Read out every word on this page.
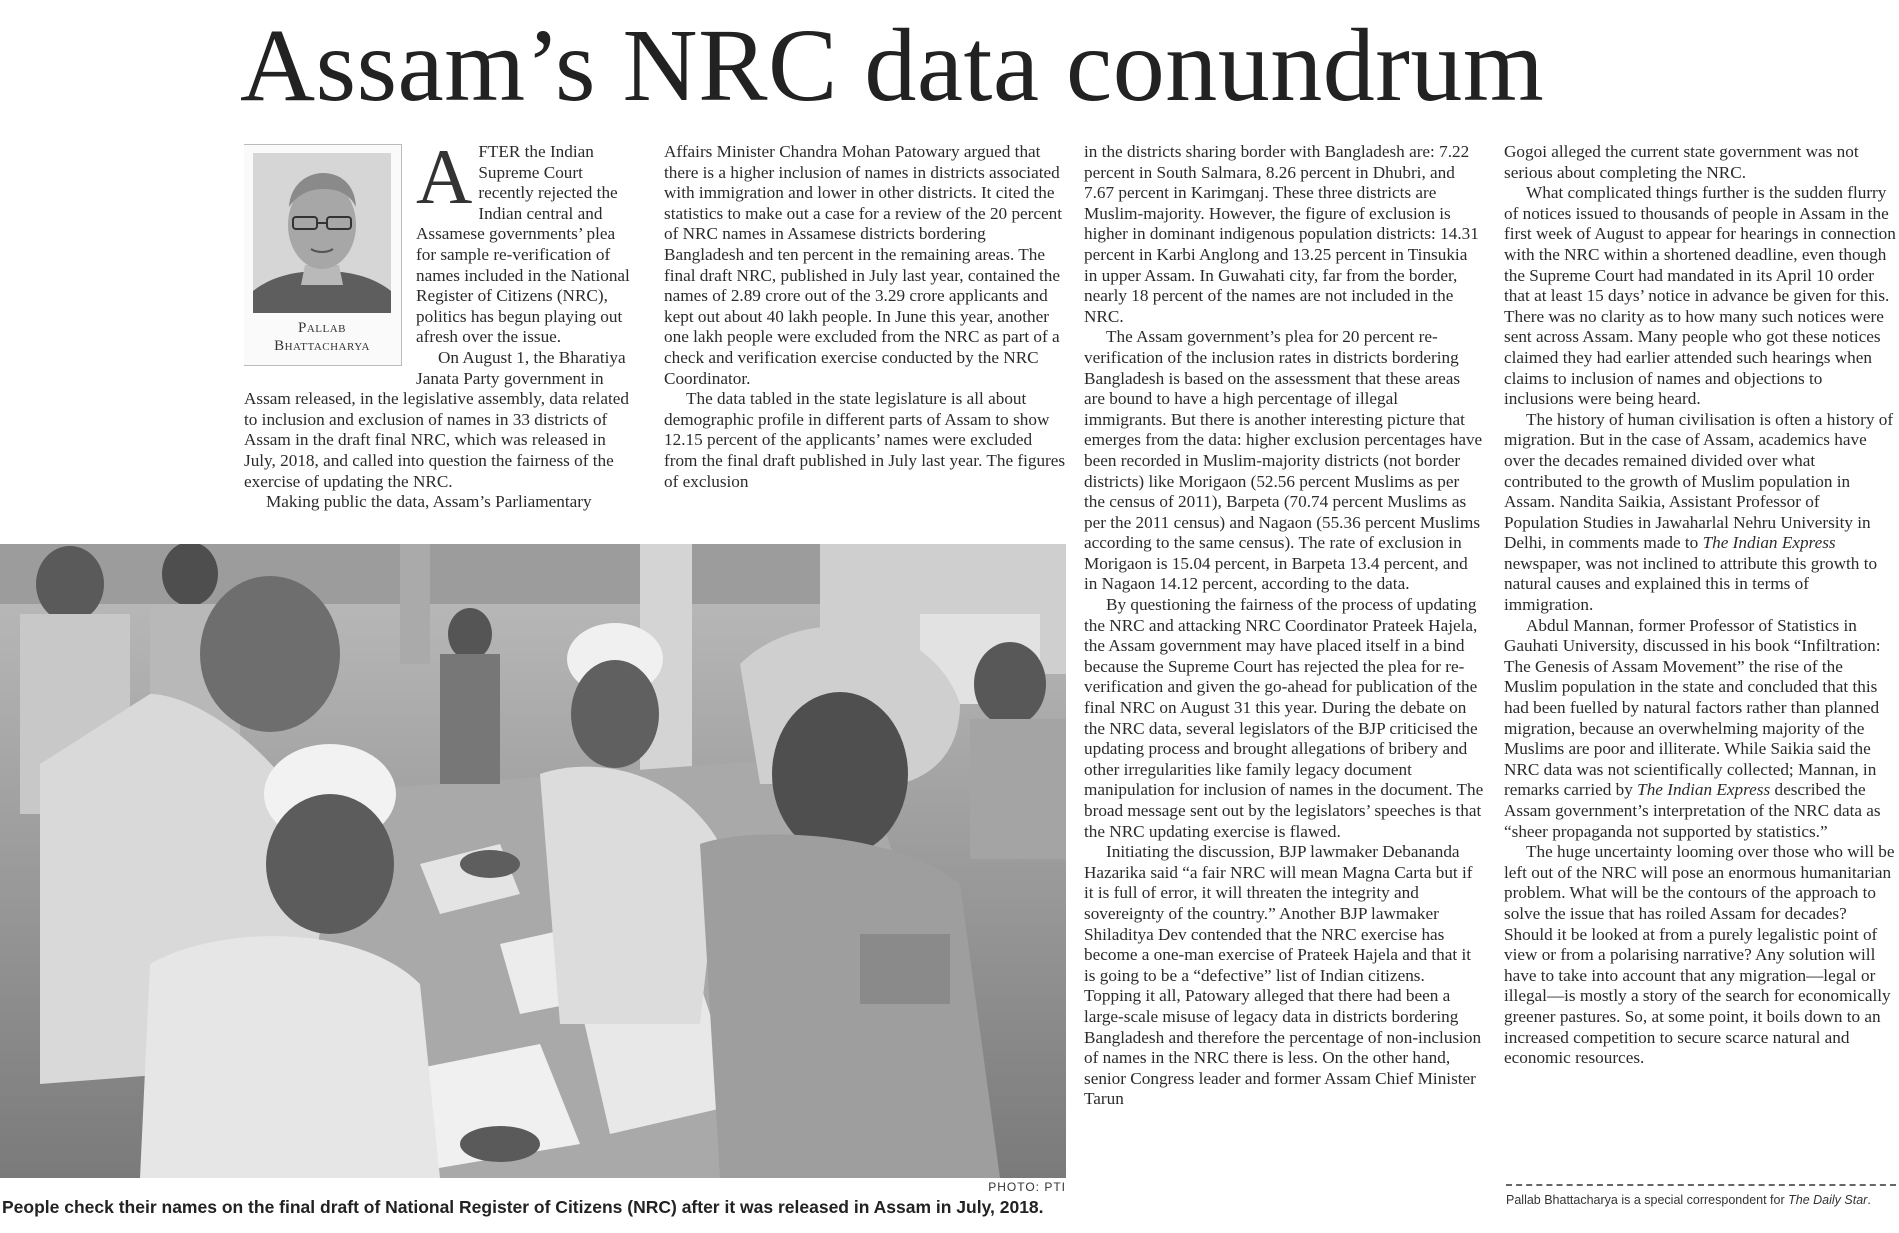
Assam’s NRC data conundrum
Pallab
Bhattacharya

AFTER the Indian Supreme Court recently rejected the Indian central and Assamese governments’ plea for sample re-verification of names included in the National Register of Citizens (NRC), politics has begun playing out afresh over the issue.

On August 1, the Bharatiya Janata Party government in Assam released, in the legislative assembly, data related to inclusion and exclusion of names in 33 districts of Assam in the draft final NRC, which was released in July, 2018, and called into question the fairness of the exercise of updating the NRC.

Making public the data, Assam’s Parliamentary

Affairs Minister Chandra Mohan Patowary argued that there is a higher inclusion of names in districts associated with immigration and lower in other districts. It cited the statistics to make out a case for a review of the 20 percent of NRC names in Assamese districts bordering Bangladesh and ten percent in the remaining areas. The final draft NRC, published in July last year, contained the names of 2.89 crore out of the 3.29 crore applicants and kept out about 40 lakh people. In June this year, another one lakh people were excluded from the NRC as part of a check and verification exercise conducted by the NRC Coordinator.

The data tabled in the state legislature is all about demographic profile in different parts of Assam to show 12.15 percent of the applicants’ names were excluded from the final draft published in July last year. The figures of exclusion

in the districts sharing border with Bangladesh are: 7.22 percent in South Salmara, 8.26 percent in Dhubri, and 7.67 percent in Karimganj. These three districts are Muslim-majority. However, the figure of exclusion is higher in dominant indigenous population districts: 14.31 percent in Karbi Anglong and 13.25 percent in Tinsukia in upper Assam. In Guwahati city, far from the border, nearly 18 percent of the names are not included in the NRC.

The Assam government’s plea for 20 percent re-verification of the inclusion rates in districts bordering Bangladesh is based on the assessment that these areas are bound to have a high percentage of illegal immigrants. But there is another interesting picture that emerges from the data: higher exclusion percentages have been recorded in Muslim-majority districts (not border districts) like Morigaon (52.56 percent Muslims as per the census of 2011), Barpeta (70.74 percent Muslims as per the 2011 census) and Nagaon (55.36 percent Muslims according to the same census). The rate of exclusion in Morigaon is 15.04 percent, in Barpeta 13.4 percent, and in Nagaon 14.12 percent, according to the data.

By questioning the fairness of the process of updating the NRC and attacking NRC Coordinator Prateek Hajela, the Assam government may have placed itself in a bind because the Supreme Court has rejected the plea for re-verification and given the go-ahead for publication of the final NRC on August 31 this year. During the debate on the NRC data, several legislators of the BJP criticised the updating process and brought allegations of bribery and other irregularities like family legacy document manipulation for inclusion of names in the document. The broad message sent out by the legislators’ speeches is that the NRC updating exercise is flawed.

Initiating the discussion, BJP lawmaker Debananda Hazarika said “a fair NRC will mean Magna Carta but if it is full of error, it will threaten the integrity and sovereignty of the country.” Another BJP lawmaker Shiladitya Dev contended that the NRC exercise has become a one-man exercise of Prateek Hajela and that it is going to be a “defective” list of Indian citizens. Topping it all, Patowary alleged that there had been a large-scale misuse of legacy data in districts bordering Bangladesh and therefore the percentage of non-inclusion of names in the NRC there is less. On the other hand, senior Congress leader and former Assam Chief Minister Tarun

Gogoi alleged the current state government was not serious about completing the NRC.

What complicated things further is the sudden flurry of notices issued to thousands of people in Assam in the first week of August to appear for hearings in connection with the NRC within a shortened deadline, even though the Supreme Court had mandated in its April 10 order that at least 15 days’ notice in advance be given for this. There was no clarity as to how many such notices were sent across Assam. Many people who got these notices claimed they had earlier attended such hearings when claims to inclusion of names and objections to inclusions were being heard.

The history of human civilisation is often a history of migration. But in the case of Assam, academics have over the decades remained divided over what contributed to the growth of Muslim population in Assam. Nandita Saikia, Assistant Professor of Population Studies in Jawaharlal Nehru University in Delhi, in comments made to The Indian Express newspaper, was not inclined to attribute this growth to natural causes and explained this in terms of immigration.

Abdul Mannan, former Professor of Statistics in Gauhati University, discussed in his book “Infiltration: The Genesis of Assam Movement” the rise of the Muslim population in the state and concluded that this had been fuelled by natural factors rather than planned migration, because an overwhelming majority of the Muslims are poor and illiterate. While Saikia said the NRC data was not scientifically collected; Mannan, in remarks carried by The Indian Express described the Assam government’s interpretation of the NRC data as “sheer propaganda not supported by statistics.”

The huge uncertainty looming over those who will be left out of the NRC will pose an enormous humanitarian problem. What will be the contours of the approach to solve the issue that has roiled Assam for decades? Should it be looked at from a purely legalistic point of view or from a polarising narrative? Any solution will have to take into account that any migration—legal or illegal—is mostly a story of the search for economically greener pastures. So, at some point, it boils down to an increased competition to secure scarce natural and economic resources.

PHOTO: PTI
People check their names on the final draft of National Register of Citizens (NRC) after it was released in Assam in July, 2018.	Pallab Bhattacharya is a special correspondent for The Daily Star.
